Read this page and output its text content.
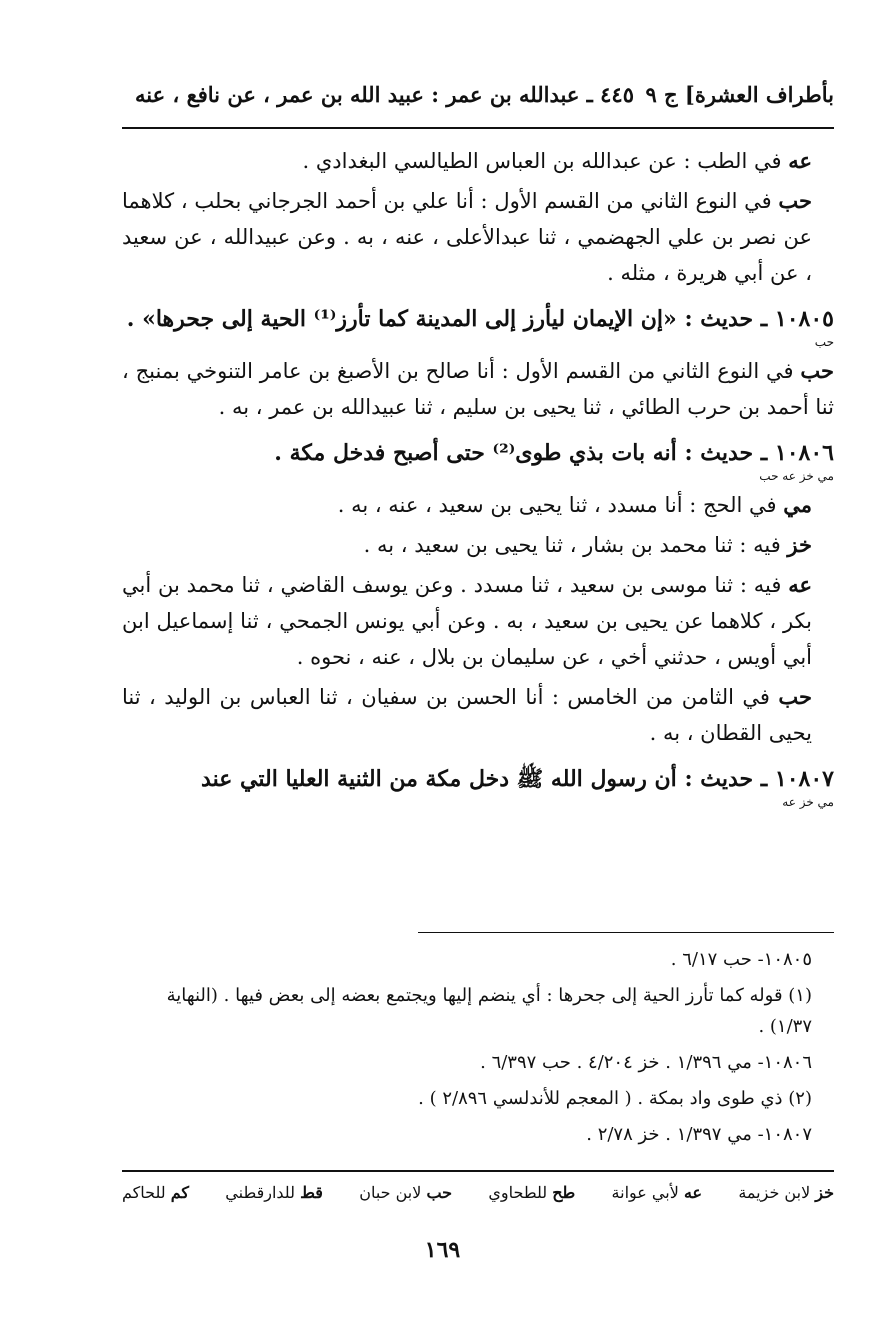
بأطراف العشرة] ج ٩
٤٤٥ ـ عبدالله بن عمر : عبيد الله بن عمر ، عن نافع ، عنه

عه في الطب : عن عبدالله بن العباس الطيالسي البغدادي .

حب في النوع الثاني من القسم الأول : أنا علي بن أحمد الجرجاني بحلب ، كلاهما عن نصر بن علي الجهضمي ، ثنا عبدالأعلى ، عنه ، به . وعن عبيدالله ، عن سعيد ، عن أبي هريرة ، مثله .

١٠٨٠٥ ـ حديث : «إن الإيمان ليأرز إلى المدينة كما تأرز⁽¹⁾ الحية إلى جحرها» .

حب

حب في النوع الثاني من القسم الأول : أنا صالح بن الأصبغ بن عامر التنوخي بمنبج ، ثنا أحمد بن حرب الطائي ، ثنا يحيى بن سليم ، ثنا عبيدالله بن عمر ، به .

١٠٨٠٦ ـ حديث : أنه بات بذي طوى⁽²⁾ حتى أصبح فدخل مكة .

مي خز عه حب

مي في الحج : أنا مسدد ، ثنا يحيى بن سعيد ، عنه ، به .

خز فيه : ثنا محمد بن بشار ، ثنا يحيى بن سعيد ، به .

عه فيه : ثنا موسى بن سعيد ، ثنا مسدد . وعن يوسف القاضي ، ثنا محمد بن أبي بكر ، كلاهما عن يحيى بن سعيد ، به . وعن أبي يونس الجمحي ، ثنا إسماعيل ابن أبي أويس ، حدثني أخي ، عن سليمان بن بلال ، عنه ، نحوه .

حب في الثامن من الخامس : أنا الحسن بن سفيان ، ثنا العباس بن الوليد ، ثنا يحيى القطان ، به .

١٠٨٠٧ ـ حديث : أن رسول الله ﷺ دخل مكة من الثنية العليا التي عند

مي خز عه

١٠٨٠٥- حب ٦/١٧ .

(١) قوله كما تأرز الحية إلى جحرها : أي ينضم إليها ويجتمع بعضه إلى بعض فيها . (النهاية ١/٣٧) .

١٠٨٠٦- مي ١/٣٩٦ . خز ٤/٢٠٤ . حب ٦/٣٩٧ .

(٢) ذي طوى واد بمكة . ( المعجم للأندلسي ٢/٨٩٦ ) .

١٠٨٠٧- مي ١/٣٩٧ . خز ٢/٧٨ .

خز لابن خزيمة
عه لأبي عوانة
طح للطحاوي
حب لابن حبان
قط للدارقطني
كم للحاكم
١٦٩
